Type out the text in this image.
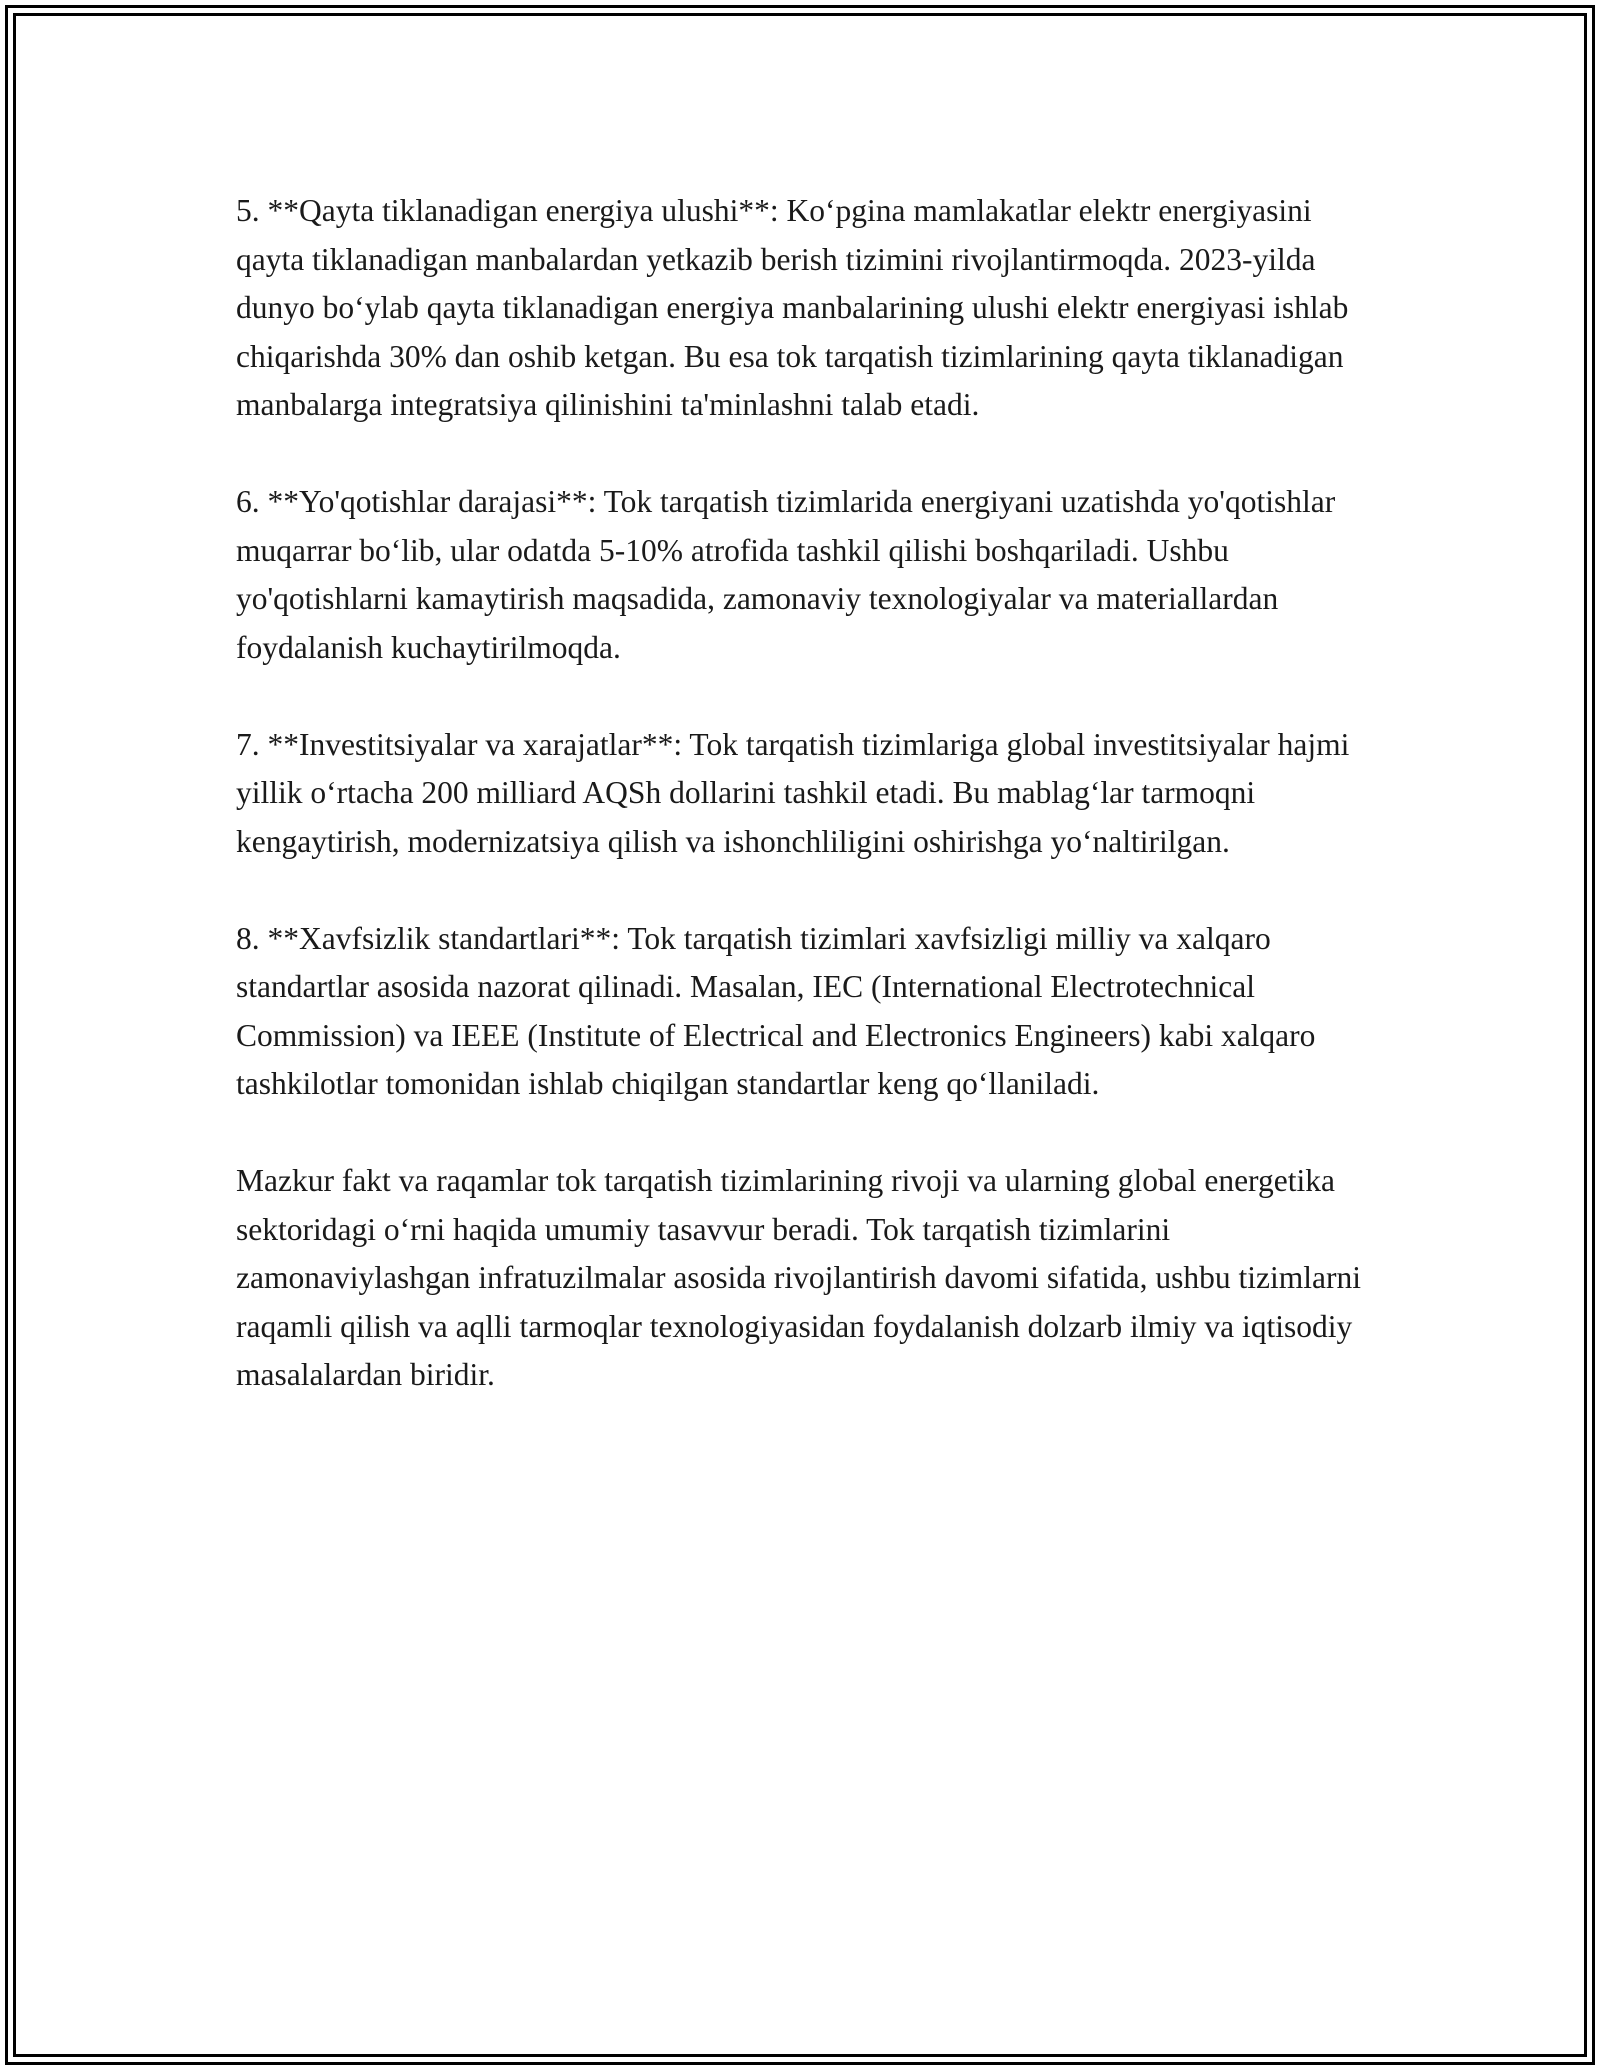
5. **Qayta tiklanadigan energiya ulushi**: Ko‘pgina mamlakatlar elektr energiyasini qayta tiklanadigan manbalardan yetkazib berish tizimini rivojlantirmoqda. 2023-yilda dunyo bo‘ylab qayta tiklanadigan energiya manbalarining ulushi elektr energiyasi ishlab chiqarishda 30% dan oshib ketgan. Bu esa tok tarqatish tizimlarining qayta tiklanadigan manbalarga integratsiya qilinishini ta'minlashni talab etadi.

6. **Yo'qotishlar darajasi**: Tok tarqatish tizimlarida energiyani uzatishda yo'qotishlar muqarrar bo‘lib, ular odatda 5-10% atrofida tashkil qilishi boshqariladi. Ushbu yo'qotishlarni kamaytirish maqsadida, zamonaviy texnologiyalar va materiallardan foydalanish kuchaytirilmoqda.

7. **Investitsiyalar va xarajatlar**: Tok tarqatish tizimlariga global investitsiyalar hajmi yillik o‘rtacha 200 milliard AQSh dollarini tashkil etadi. Bu mablag‘lar tarmoqni kengaytirish, modernizatsiya qilish va ishonchliligini oshirishga yo‘naltirilgan.

8. **Xavfsizlik standartlari**: Tok tarqatish tizimlari xavfsizligi milliy va xalqaro standartlar asosida nazorat qilinadi. Masalan, IEC (International Electrotechnical Commission) va IEEE (Institute of Electrical and Electronics Engineers) kabi xalqaro tashkilotlar tomonidan ishlab chiqilgan standartlar keng qo‘llaniladi.

Mazkur fakt va raqamlar tok tarqatish tizimlarining rivoji va ularning global energetika sektoridagi o‘rni haqida umumiy tasavvur beradi. Tok tarqatish tizimlarini zamonaviylashgan infratuzilmalar asosida rivojlantirish davomi sifatida, ushbu tizimlarni raqamli qilish va aqlli tarmoqlar texnologiyasidan foydalanish dolzarb ilmiy va iqtisodiy masalalardan biridir.
